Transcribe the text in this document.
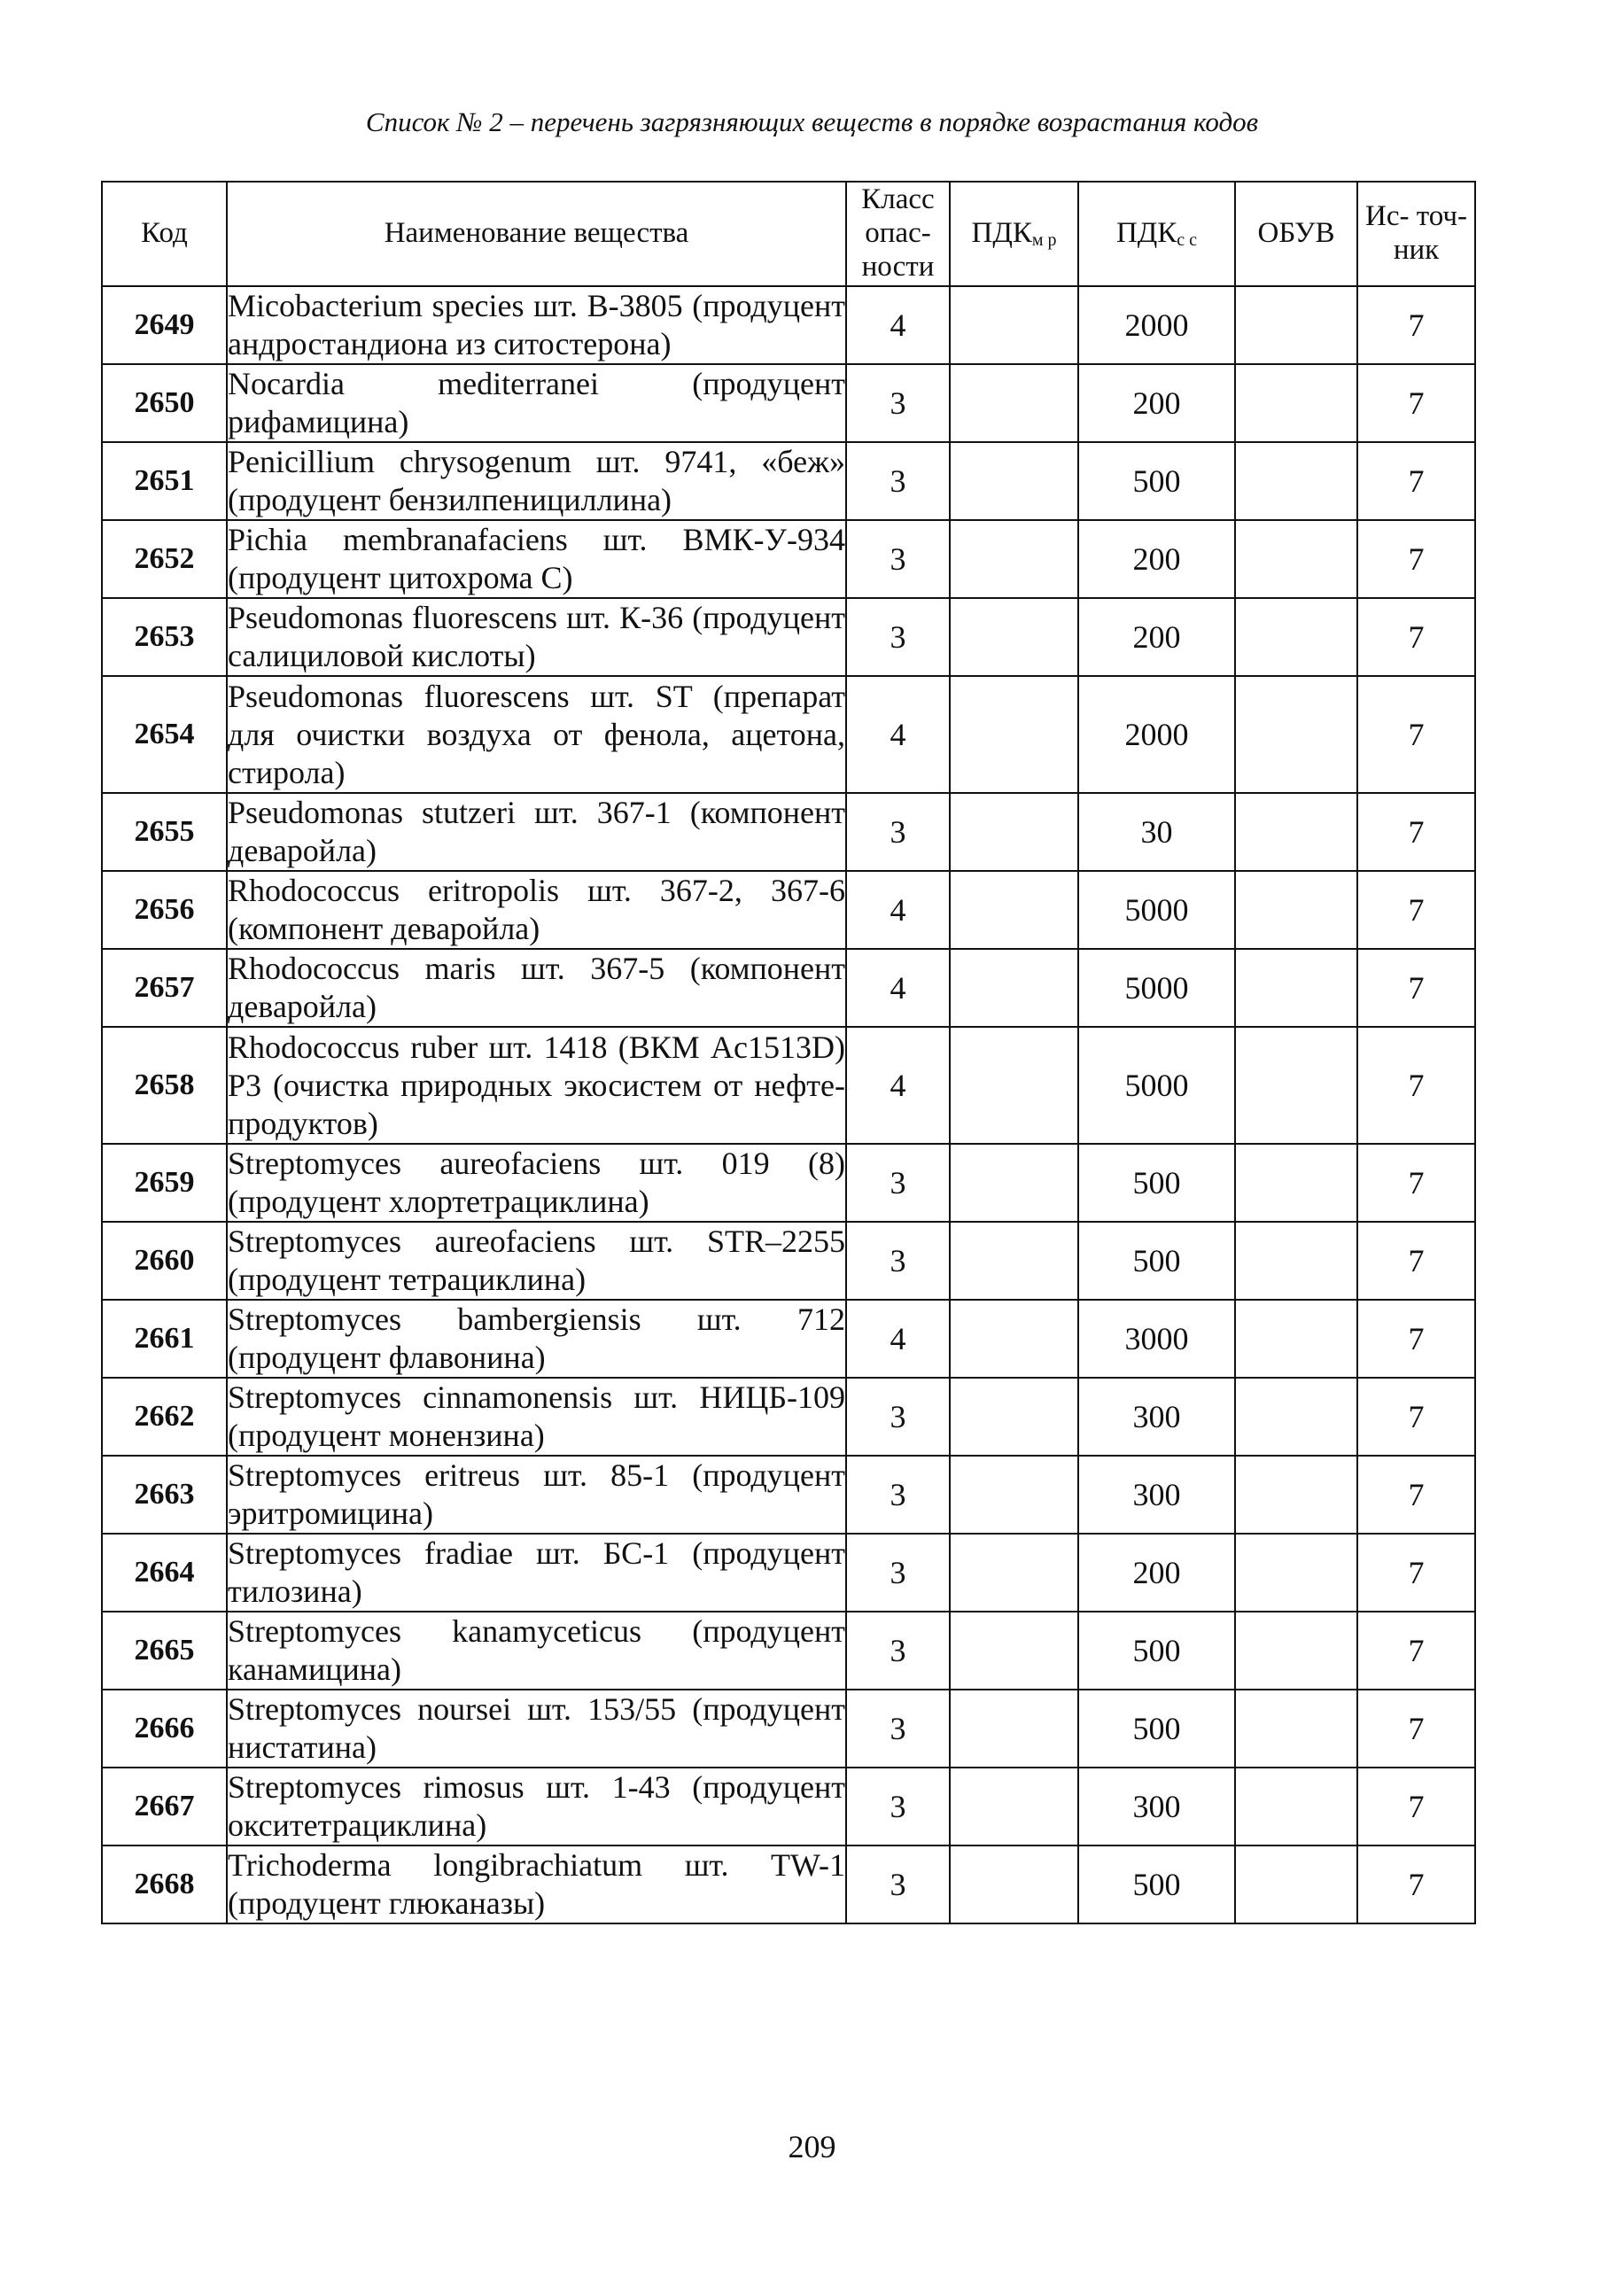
Список № 2 – перечень загрязняющих веществ в порядке возрастания кодов
Код	Наименование вещества	Класс опас- ности	$ПДК_{м р}$	$ПДК_{с с}$	ОБУВ	Ис- точ- ник
2649	Micobacterium species шт. В-3805 (продуцент андростандиона из ситостерона)	4		2000		7
2650	Nocardia mediterranei (продуцент рифамицина)	3		200		7
2651	Penicillium chrysogenum шт. 9741, «беж» (продуцент бензилпенициллина)	3		500		7
2652	Pichia membranafaciens шт. ВМК-У-934 (продуцент цитохрома С)	3		200		7
2653	Pseudomonas fluorescens шт. К-36 (продуцент салициловой кислоты)	3		200		7
2654	Pseudomonas fluorescens шт. ST (препарат для очистки воздуха от фенола, ацетона, стирола)	4		2000		7
2655	Pseudomonas stutzeri шт. 367-1 (компонент деваройла)	3		30		7
2656	Rhodococcus eritropolis шт. 367-2, 367-6 (компонент деваройла)	4		5000		7
2657	Rhodococcus maris шт. 367-5 (компонент деваройла)	4		5000		7
2658	Rhodococcus ruber шт. 1418 (ВКМ Ac1513D) Р3 (очистка природных экосистем от нефте-продуктов)	4		5000		7
2659	Streptomyces aureofaciens шт. 019 (8) (продуцент хлортетрациклина)	3		500		7
2660	Streptomyces aureofaciens шт. STR–2255 (продуцент тетрациклина)	3		500		7
2661	Streptomyces bambergiensis шт. 712 (продуцент флавонина)	4		3000		7
2662	Streptomyces cinnamonensis шт. НИЦБ-109 (продуцент монензина)	3		300		7
2663	Streptomyces eritreus шт. 85-1 (продуцент эритромицина)	3		300		7
2664	Streptomyces fradiae шт. БС-1 (продуцент тилозина)	3		200		7
2665	Streptomyces kanamyceticus (продуцент канамицина)	3		500		7
2666	Streptomyces noursei шт. 153/55 (продуцент нистатина)	3		500		7
2667	Streptomyces rimosus шт. 1-43 (продуцент окситетрациклина)	3		300		7
2668	Trichoderma longibrachiatum шт. TW-1 (продуцент глюканазы)	3		500		7
209
